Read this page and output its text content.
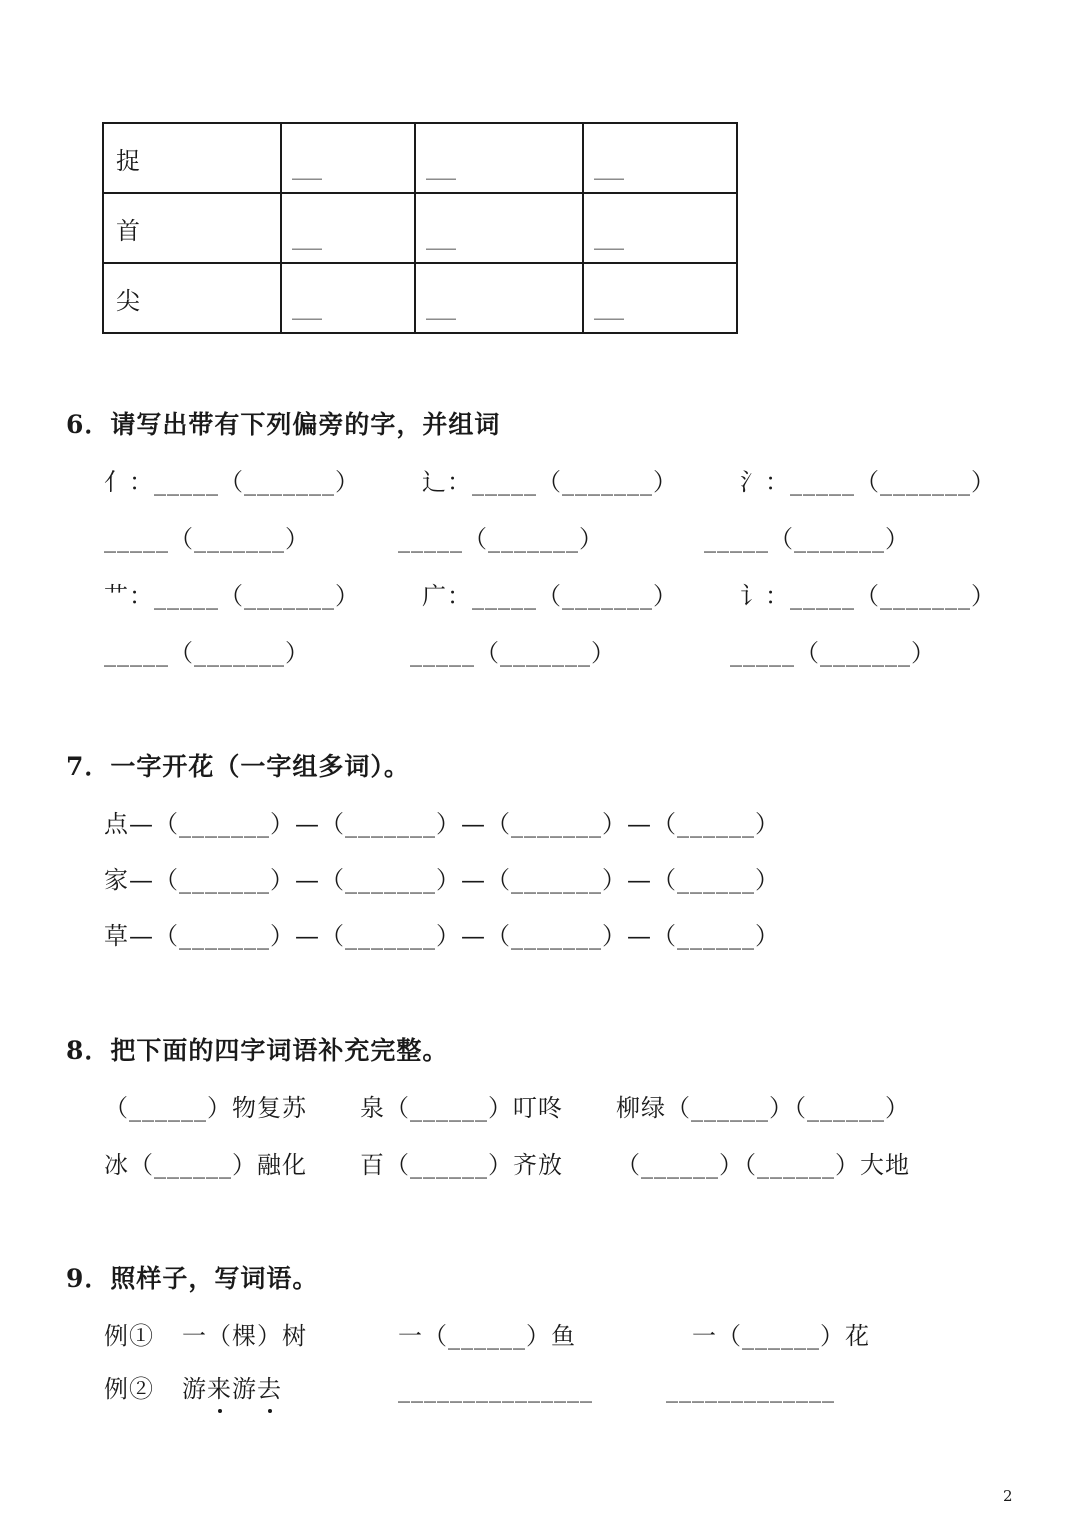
捉	___	___	___
首	___	___	___
尖	___	___	___
6．请写出带有下列偏旁的字，并组词
亻：_____（_______）	辶：_____（_______）	氵：_____（_______）
_____（_______）	_____（_______）	_____（_______）
艹：_____（_______）	广：_____（_______）	讠：_____（_______）
_____（_______）	_____（_______）	_____（_______）
7．一字开花（一字组多词）。
点—（_______）—（_______）—（_______）—（______）
家—（_______）—（_______）—（_______）—（______）
草—（_______）—（_______）—（_______）—（______）
8．把下面的四字词语补充完整。
（______）物复苏 泉（______）叮咚 柳绿（______）（______）
冰（______）融化 百（______）齐放 （______）（______）大地
9．照样子，写词语。
例① 一（棵）树	一（______）鱼	一（______）花
例② 游来游去	_______________	_____________
2
